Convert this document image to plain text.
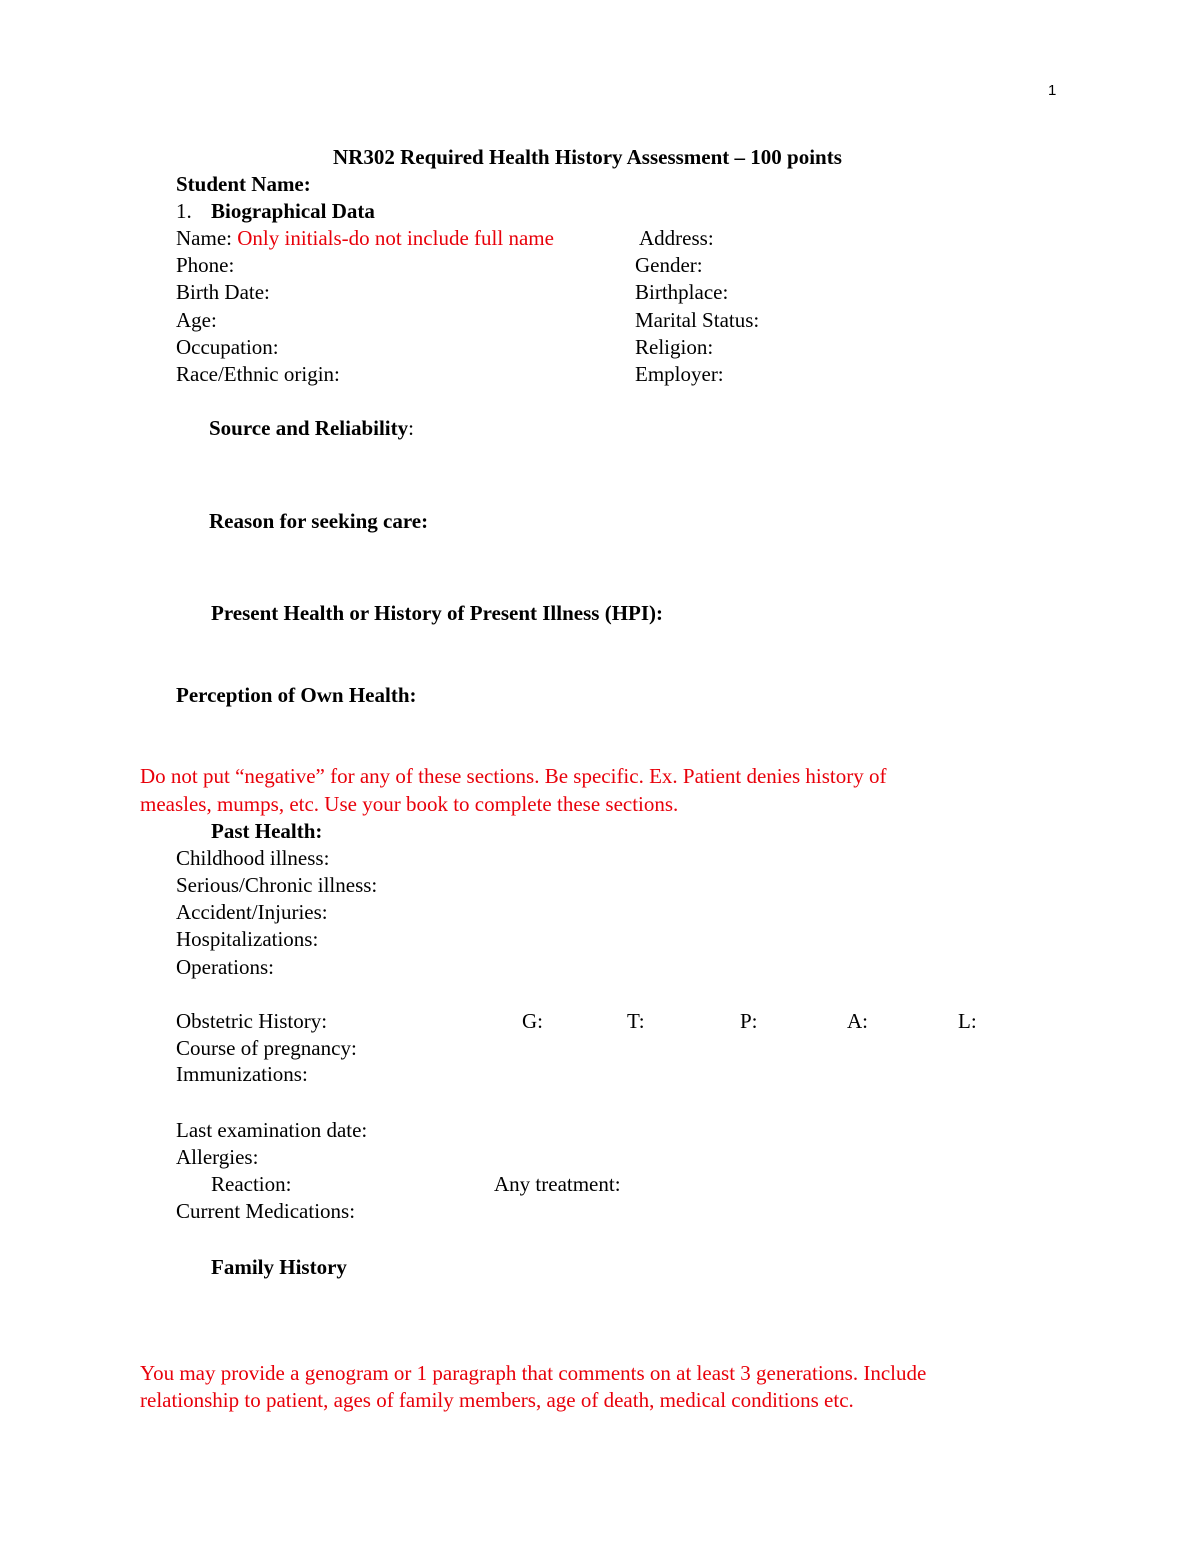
1
NR302 Required Health History Assessment – 100 points
Student Name:
1. Biographical Data
Name: Only initials-do not include full name	Address:
Phone:	Gender:
Birth Date:	Birthplace:
Age:	Marital Status:
Occupation:	Religion:
Race/Ethnic origin:	Employer:
Source and Reliability:
Reason for seeking care:
Present Health or History of Present Illness (HPI):
Perception of Own Health:
Do not put “negative” for any of these sections. Be specific. Ex. Patient denies history of
measles, mumps, etc. Use your book to complete these sections.
Past Health:
Childhood illness:
Serious/Chronic illness:
Accident/Injuries:
Hospitalizations:
Operations:
Obstetric History:	G:	T:	P:	A:	L:
Course of pregnancy:
Immunizations:
Last examination date:
Allergies:
Reaction:	Any treatment:
Current Medications:
Family History
You may provide a genogram or 1 paragraph that comments on at least 3 generations. Include
relationship to patient, ages of family members, age of death, medical conditions etc.
